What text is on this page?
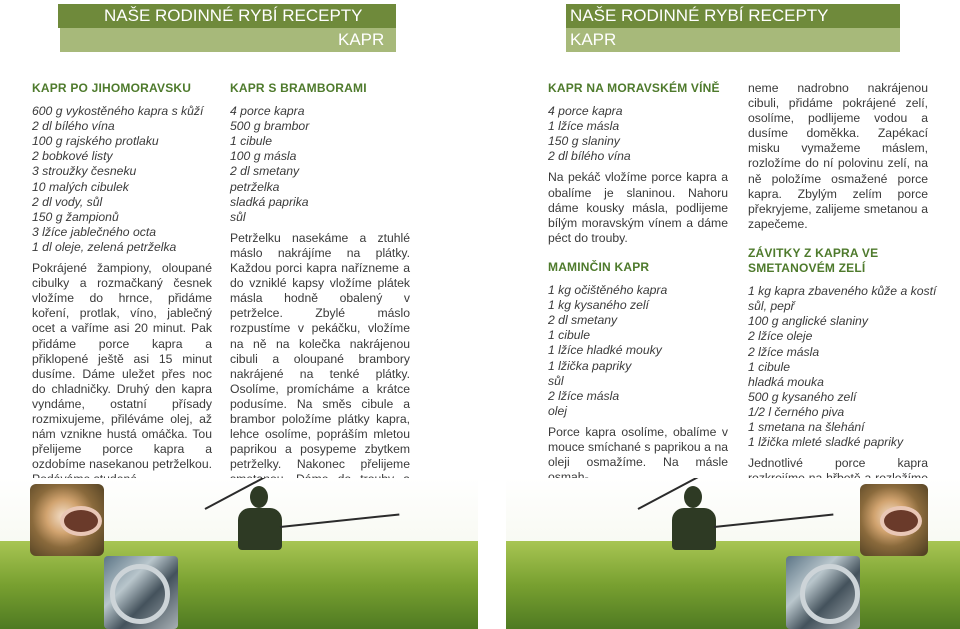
NAŠE RODINNÉ RYBÍ RECEPTY
KAPR
NAŠE RODINNÉ RYBÍ RECEPTY
KAPR
KAPR PO JIHOMORAVSKU
600 g vykostěného kapra s kůží
2 dl bílého vína
100 g rajského protlaku
2 bobkové listy
3 stroužky česneku
10 malých cibulek
2 dl vody, sůl
150 g žampionů
3 lžíce jablečného octa
1 dl oleje, zelená petrželka

Pokrájené žampiony, oloupané cibulky a rozmačkaný česnek vložíme do hrnce, přidáme koření, protlak, víno, jablečný ocet a vaříme asi 20 minut. Pak přidáme porce kapra a přiklopené ještě asi 15 minut dusíme. Dáme uležet přes noc do chladničky. Druhý den kapra vyndáme, ostatní přísady rozmixujeme, přiléváme olej, až nám vznikne hustá omáčka. Tou přelijeme porce kapra a ozdobíme nasekanou petrželkou.

KAPR S BRAMBORAMI
4 porce kapra
500 g brambor
1 cibule
100 g másla
2 dl smetany
petrželka
sladká paprika
sůl

Petrželku nasekáme a ztuhlé máslo nakrájíme na plátky. Každou porci kapra nařízneme a do vzniklé kapsy vložíme plátek másla hodně obalený v petrželce. Zbylé máslo rozpustíme v pekáčku, vložíme na ně na kolečka nakrájenou cibuli a oloupané brambory nakrájené na tenké plátky. Osolíme, promícháme a krátce podusíme. Na směs cibule a brambor položíme plátky kapra, lehce osolíme, popráším mletou paprikou a posypeme zbytkem petrželky. Nakonec přelijeme

KAPR NA MORAVSKÉM VÍNĚ
4 porce kapra
1 lžíce másla
150 g slaniny
2 dl bílého vína

Na pekáč vložíme porce kapra a obalíme je slaninou. Nahoru dáme kousky másla, podlijeme bílým moravským vínem a dáme péct do trouby.

MAMINČIN KAPR
1 kg očištěného kapra
1 kg kysaného zelí
2 dl smetany
1 cibule
1 lžíce hladké mouky
1 lžička papriky
sůl
2 lžíce másla
olej

Porce kapra osolíme, obalíme v mouce smíchané s paprikou a na oleji osmažíme. Na másle

neme nadrobno nakrájenou cibuli, přidáme pokrájené zelí, osolíme, podlijeme vodou a dusíme doměkka. Zapékací misku vymažeme máslem, rozložíme do ní polovinu zelí, na ně položíme osmažené porce kapra. Zbylým zelím porce překryjeme, zalijeme smetanou a zapečeme.

ZÁVITKY Z KAPRA VE SMETANOVÉM ZELÍ
1 kg kapra zbaveného kůže a kostí
sůl, pepř
100 g anglické slaniny
2 lžíce oleje
2 lžíce másla
1 cibule
hladká mouka
500 g kysaného zelí
1/2 l černého piva
1 smetana na šlehání
1 lžička mleté sladké papriky

Jednotlivé porce kapra
